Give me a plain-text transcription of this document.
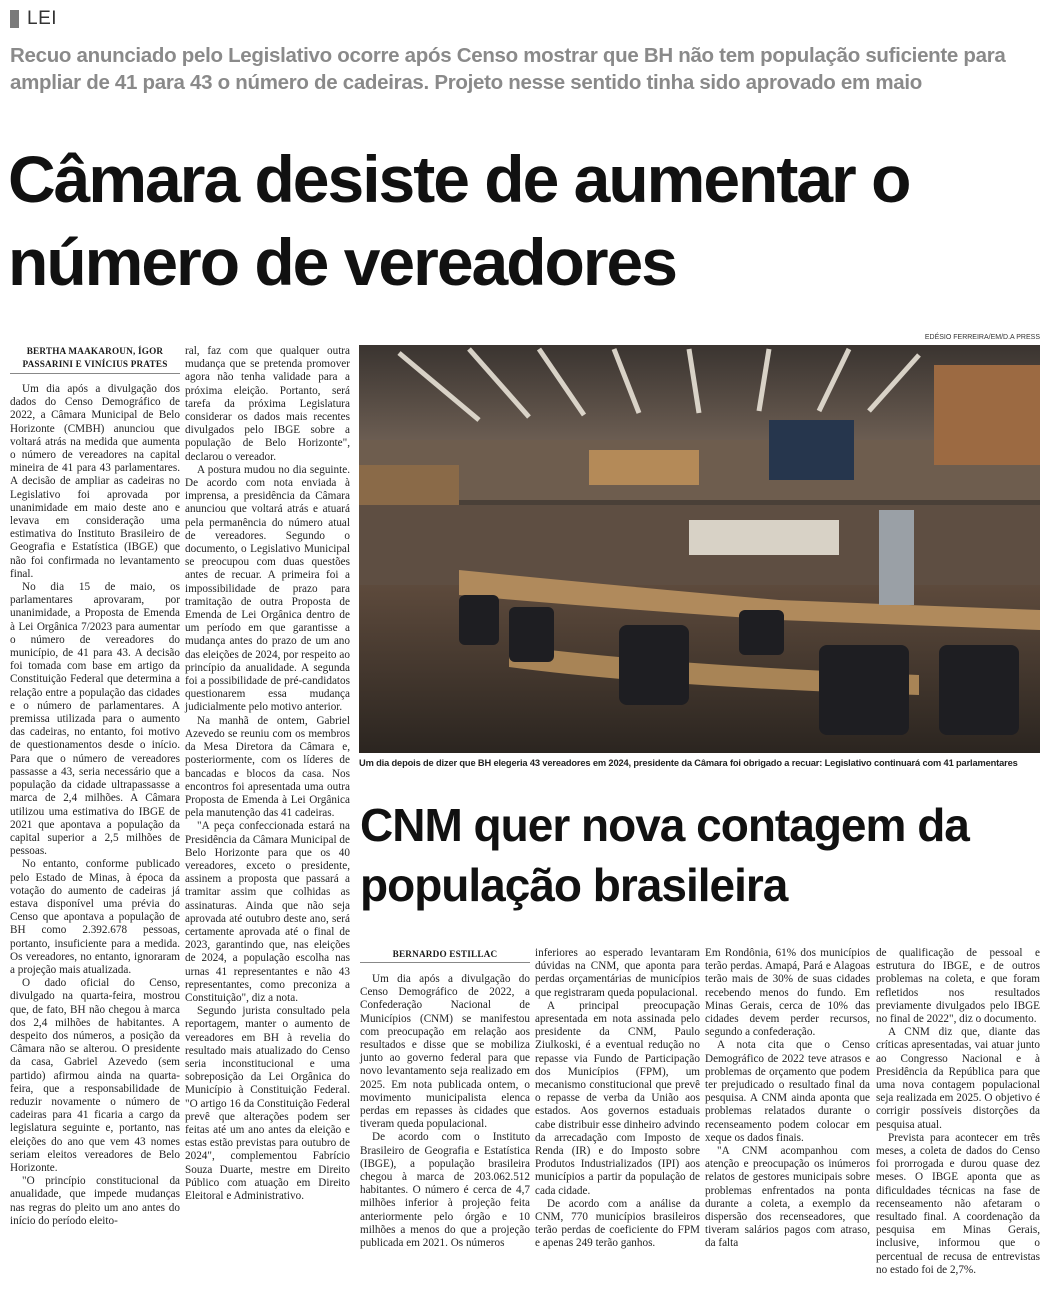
LEI
Recuo anunciado pelo Legislativo ocorre após Censo mostrar que BH não tem população suficiente para ampliar de 41 para 43 o número de cadeiras. Projeto nesse sentido tinha sido aprovado em maio
Câmara desiste de aumentar o número de vereadores
BERTHA MAAKAROUN, ÍGOR PASSARINI E VINÍCIUS PRATES

Um dia após a divulgação dos dados do Censo Demográfico de 2022, a Câmara Municipal de Belo Horizonte (CMBH) anunciou que voltará atrás na medida que aumenta o número de vereadores na capital mineira de 41 para 43 parlamentares. A decisão de ampliar as cadeiras no Legislativo foi aprovada por unanimidade em maio deste ano e levava em consideração uma estimativa do Instituto Brasileiro de Geografia e Estatística (IBGE) que não foi confirmada no levantamento final.

No dia 15 de maio, os parlamentares aprovaram, por unanimidade, a Proposta de Emenda à Lei Orgânica 7/2023 para aumentar o número de vereadores do município, de 41 para 43. A decisão foi tomada com base em artigo da Constituição Federal que determina a relação entre a população das cidades e o número de parlamentares. A premissa utilizada para o aumento das cadeiras, no entanto, foi motivo de questionamentos desde o início. Para que o número de vereadores passasse a 43, seria necessário que a população da cidade ultrapassasse a marca de 2,4 milhões. A Câmara utilizou uma estimativa do IBGE de 2021 que apontava a população da capital superior a 2,5 milhões de pessoas.

No entanto, conforme publicado pelo Estado de Minas, à época da votação do aumento de cadeiras já estava disponível uma prévia do Censo que apontava a população de BH como 2.392.678 pessoas, portanto, insuficiente para a medida. Os vereadores, no entanto, ignoraram a projeção mais atualizada.

O dado oficial do Censo, divulgado na quarta-feira, mostrou que, de fato, BH não chegou à marca dos 2,4 milhões de habitantes. A despeito dos números, a posição da Câmara não se alterou. O presidente da casa, Gabriel Azevedo (sem partido) afirmou ainda na quarta-feira, que a responsabilidade de reduzir novamente o número de cadeiras para 41 ficaria a cargo da legislatura seguinte e, portanto, nas eleições do ano que vem 43 nomes seriam eleitos vereadores de Belo Horizonte.

"O princípio constitucional da anualidade, que impede mudanças nas regras do pleito um ano antes do início do período eleito-

ral, faz com que qualquer outra mudança que se pretenda promover agora não tenha validade para a próxima eleição. Portanto, será tarefa da próxima Legislatura considerar os dados mais recentes divulgados pelo IBGE sobre a população de Belo Horizonte", declarou o vereador.

A postura mudou no dia seguinte. De acordo com nota enviada à imprensa, a presidência da Câmara anunciou que voltará atrás e atuará pela permanência do número atual de vereadores. Segundo o documento, o Legislativo Municipal se preocupou com duas questões antes de recuar. A primeira foi a impossibilidade de prazo para tramitação de outra Proposta de Emenda de Lei Orgânica dentro de um período em que garantisse a mudança antes do prazo de um ano das eleições de 2024, por respeito ao princípio da anualidade. A segunda foi a possibilidade de pré-candidatos questionarem essa mudança judicialmente pelo motivo anterior.

Na manhã de ontem, Gabriel Azevedo se reuniu com os membros da Mesa Diretora da Câmara e, posteriormente, com os líderes de bancadas e blocos da casa. Nos encontros foi apresentada uma outra Proposta de Emenda à Lei Orgânica pela manutenção das 41 cadeiras.

"A peça confeccionada estará na Presidência da Câmara Municipal de Belo Horizonte para que os 40 vereadores, exceto o presidente, assinem a proposta que passará a tramitar assim que colhidas as assinaturas. Ainda que não seja aprovada até outubro deste ano, será certamente aprovada até o final de 2023, garantindo que, nas eleições de 2024, a população escolha nas urnas 41 representantes e não 43 representantes, como preconiza a Constituição", diz a nota.

Segundo jurista consultado pela reportagem, manter o aumento de vereadores em BH à revelia do resultado mais atualizado do Censo seria inconstitucional e uma sobreposição da Lei Orgânica do Município à Constituição Federal. "O artigo 16 da Constituição Federal prevê que alterações podem ser feitas até um ano antes da eleição e estas estão previstas para outubro de 2024", complementou Fabrício Souza Duarte, mestre em Direito Público com atuação em Direito Eleitoral e Administrativo.

EDÉSIO FERREIRA/EM/D.A PRESS
Um dia depois de dizer que BH elegeria 43 vereadores em 2024, presidente da Câmara foi obrigado a recuar: Legislativo continuará com 41 parlamentares
CNM quer nova contagem da população brasileira
BERNARDO ESTILLAC

Um dia após a divulgação do Censo Demográfico de 2022, a Confederação Nacional de Municípios (CNM) se manifestou com preocupação em relação aos resultados e disse que se mobiliza junto ao governo federal para que novo levantamento seja realizado em 2025. Em nota publicada ontem, o movimento municipalista elenca perdas em repasses às cidades que tiveram queda populacional.

De acordo com o Instituto Brasileiro de Geografia e Estatística (IBGE), a população brasileira chegou à marca de 203.062.512 habitantes. O número é cerca de 4,7 milhões inferior à projeção feita anteriormente pelo órgão e 10 milhões a menos do que a projeção publicada em 2021. Os números

inferiores ao esperado levantaram dúvidas na CNM, que aponta para perdas orçamentárias de municípios que registraram queda populacional.

A principal preocupação apresentada em nota assinada pelo presidente da CNM, Paulo Ziulkoski, é a eventual redução no repasse via Fundo de Participação dos Municípios (FPM), um mecanismo constitucional que prevê o repasse de verba da União aos estados. Aos governos estaduais cabe distribuir esse dinheiro advindo da arrecadação com Imposto de Renda (IR) e do Imposto sobre Produtos Industrializados (IPI) aos municípios a partir da população de cada cidade.

De acordo com a análise da CNM, 770 municípios brasileiros terão perdas de coeficiente do FPM e apenas 249 terão ganhos.

Em Rondônia, 61% dos municípios terão perdas. Amapá, Pará e Alagoas terão mais de 30% de suas cidades recebendo menos do fundo. Em Minas Gerais, cerca de 10% das cidades devem perder recursos, segundo a confederação.

A nota cita que o Censo Demográfico de 2022 teve atrasos e problemas de orçamento que podem ter prejudicado o resultado final da pesquisa. A CNM ainda aponta que problemas relatados durante o recenseamento podem colocar em xeque os dados finais.

"A CNM acompanhou com atenção e preocupação os inúmeros relatos de gestores municipais sobre problemas enfrentados na ponta durante a coleta, a exemplo da dispersão dos recenseadores, que tiveram salários pagos com atraso, da falta

de qualificação de pessoal e estrutura do IBGE, e de outros problemas na coleta, e que foram refletidos nos resultados previamente divulgados pelo IBGE no final de 2022", diz o documento.

A CNM diz que, diante das críticas apresentadas, vai atuar junto ao Congresso Nacional e à Presidência da República para que uma nova contagem populacional seja realizada em 2025. O objetivo é corrigir possíveis distorções da pesquisa atual.

Prevista para acontecer em três meses, a coleta de dados do Censo foi prorrogada e durou quase dez meses. O IBGE aponta que as dificuldades técnicas na fase de recenseamento não afetaram o resultado final. A coordenação da pesquisa em Minas Gerais, inclusive, informou que o percentual de recusa de entrevistas no estado foi de 2,7%.
